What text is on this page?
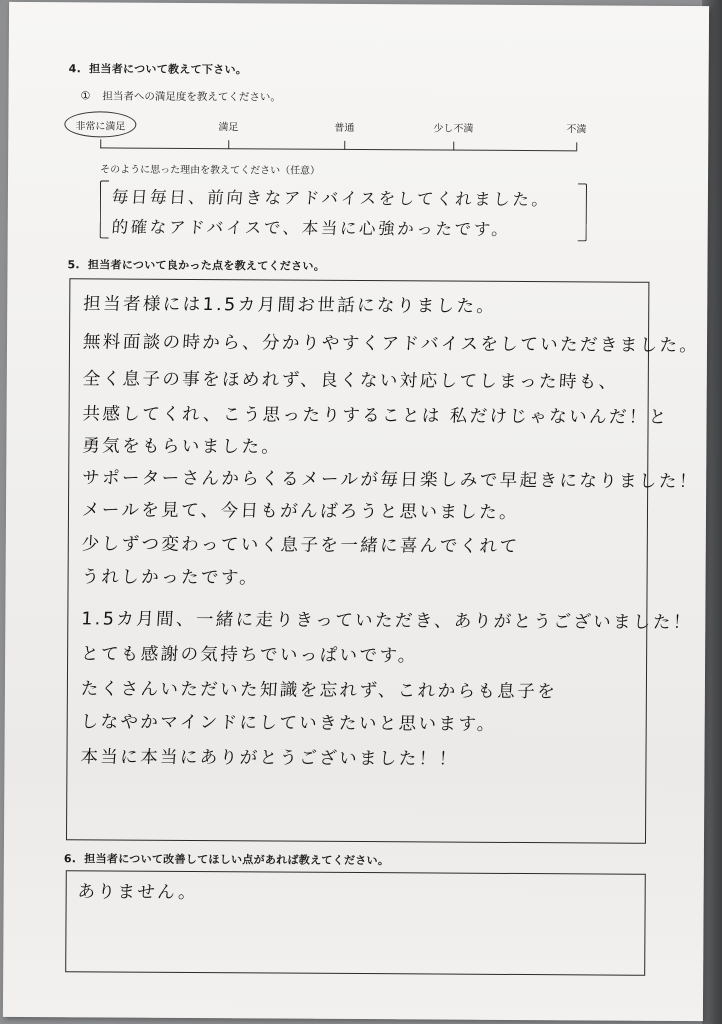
4. 担当者について教えて下さい。
① 担当者への満足度を教えてください。
非常に満足	満足	普通	少し不満	不満
そのように思った理由を教えてください（任意）
毎日毎日、前向きなアドバイスをしてくれました。
的確なアドバイスで、本当に心強かったです。
5. 担当者について良かった点を教えてください。
担当者様には1.5カ月間お世話になりました。
無料面談の時から、分かりやすくアドバイスをしていただきました。
全く息子の事をほめれず、良くない対応してしまった時も、
共感してくれ、こう思ったりすることは 私だけじゃないんだ！と
勇気をもらいました。
サポーターさんからくるメールが毎日楽しみで早起きになりました！
メールを見て、今日もがんばろうと思いました。
少しずつ変わっていく息子を一緒に喜んでくれて
うれしかったです。
1.5カ月間、一緒に走りきっていただき、ありがとうございました！
とても感謝の気持ちでいっぱいです。
たくさんいただいた知識を忘れず、これからも息子を
しなやかマインドにしていきたいと思います。
本当に本当にありがとうございました！！
6. 担当者について改善してほしい点があれば教えてください。
ありません。
